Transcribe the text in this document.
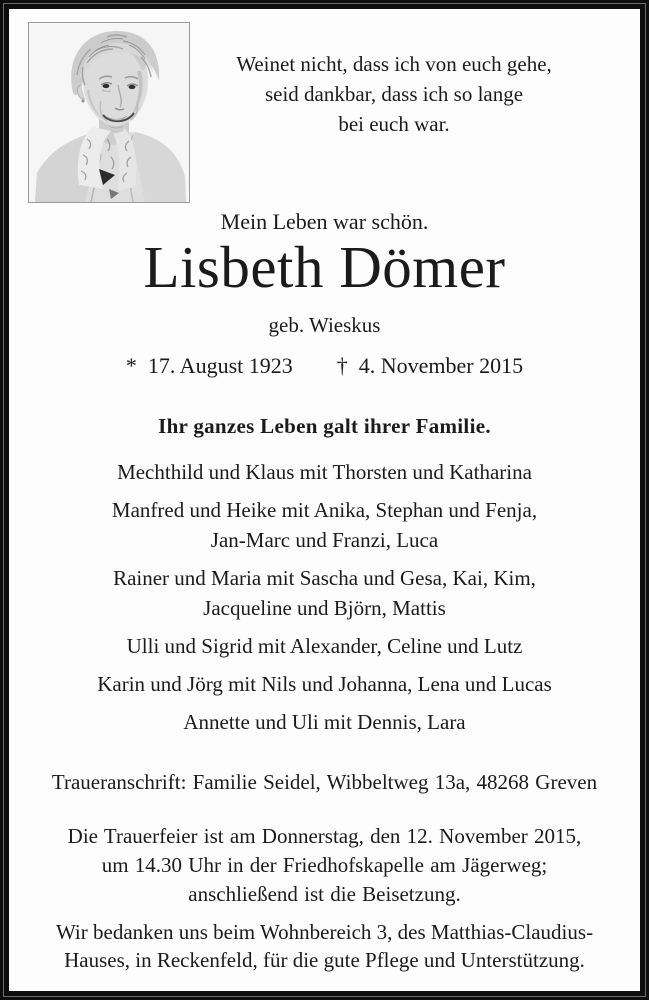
Weinet nicht, dass ich von euch gehe,
seid dankbar, dass ich so lange
bei euch war.
Mein Leben war schön.
Lisbeth Dömer
geb. Wieskus
* 17. August 1923 † 4. November 2015
Ihr ganzes Leben galt ihrer Familie.

Mechthild und Klaus mit Thorsten und Katharina

Manfred und Heike mit Anika, Stephan und Fenja,

Jan-Marc und Franzi, Luca

Rainer und Maria mit Sascha und Gesa, Kai, Kim,

Jacqueline und Björn, Mattis

Ulli und Sigrid mit Alexander, Celine und Lutz

Karin und Jörg mit Nils und Johanna, Lena und Lucas

Annette und Uli mit Dennis, Lara

Traueranschrift: Familie Seidel, Wibbeltweg 13a, 48268 Greven
Die Trauerfeier ist am Donnerstag, den 12. November 2015,
um 14.30 Uhr in der Friedhofskapelle am Jägerweg;
anschließend ist die Beisetzung.
Wir bedanken uns beim Wohnbereich 3, des Matthias-Claudius-
Hauses, in Reckenfeld, für die gute Pflege und Unterstützung.
